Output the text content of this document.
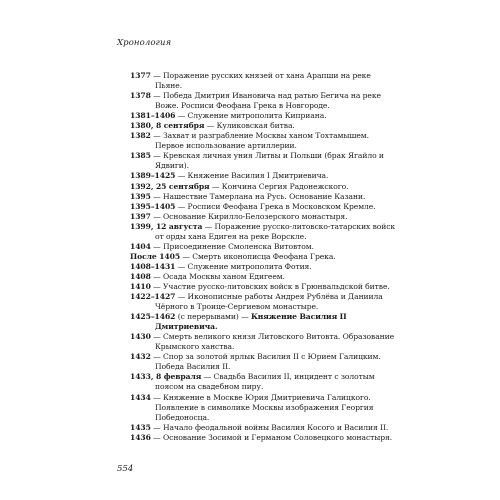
Хронология

1377 — Поражение русских князей от хана Арапши на реке Пьяне.

1378 — Победа Дмитрия Ивановича над ратью Бегича на реке Воже. Росписи Феофана Грека в Новгороде.

1381–1406 — Служение митрополита Киприана.

1380, 8 сентября — Куликовская битва.

1382 — Захват и разграбление Москвы ханом Тохтамышем. Первое использование артиллерии.

1385 — Кревская личная уния Литвы и Польши (брак Ягайло и Ядвиги).

1389–1425 — Княжение Василия I Дмитриевича.

1392, 25 сентября — Кончина Сергия Радонежского.

1395 — Нашествие Тамерлана на Русь. Основание Казани.

1395–1405 — Росписи Феофана Грека в Московском Кремле.

1397 — Основание Кирилло-Белозерского монастыря.

1399, 12 августа — Поражение русско-литовско-татарских войск от орды хана Едигея на реке Ворскле.

1404 — Присоединение Смоленска Витовтом.

После 1405 — Смерть иконописца Феофана Грека.

1408–1431 — Служение митрополита Фотия.

1408 — Осада Москвы ханом Едигеем.

1410 — Участие русско-литовских войск в Грюнвальдской битве.

1422–1427 — Иконописные работы Андрея Рублёва и Даниила Чёрного в Троице-Сергиевом монастыре.

1425–1462 (с перерывами) — Княжение Василия II Дмитриевича.

1430 — Смерть великого князя Литовского Витовта. Образование Крымского ханства.

1432 — Спор за золотой ярлык Василия II с Юрием Галицким. Победа Василия II.

1433, 8 февраля — Свадьба Василия II, инцидент с золотым поясом на свадебном пиру.

1434 — Княжение в Москве Юрия Дмитриевича Галицкого. Появление в символике Москвы изображения Георгия Победоносца.

1435 — Начало феодальной войны Василия Косого и Василия II.

1436 — Основание Зосимой и Германом Соловецкого монастыря.

554
